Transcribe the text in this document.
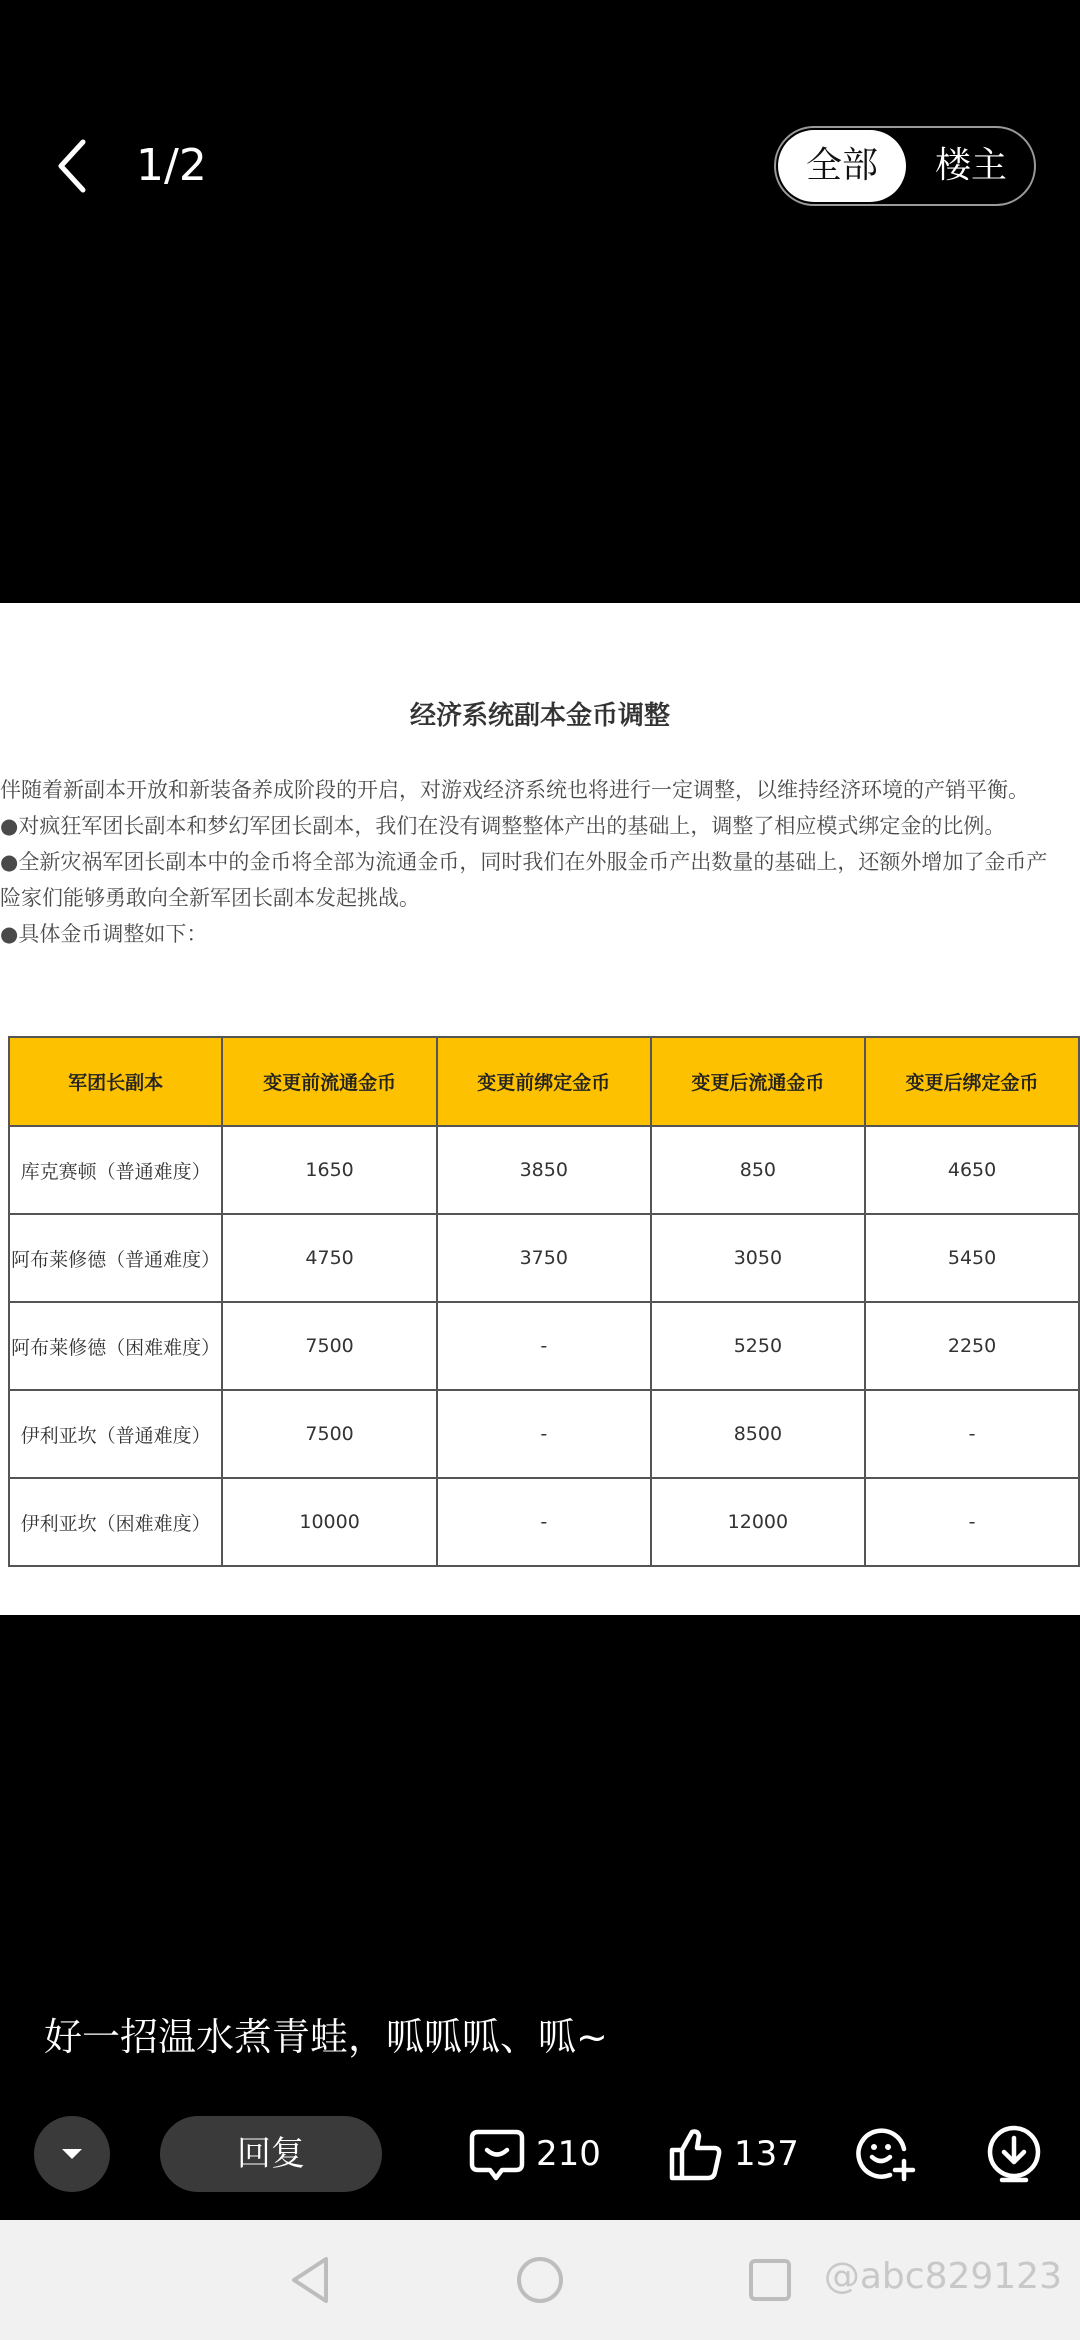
1/2	全部	楼主
经济系统副本金币调整
伴随着新副本开放和新装备养成阶段的开启，对游戏经济系统也将进行一定调整，以维持经济环境的产销平衡。
●对疯狂军团长副本和梦幻军团长副本，我们在没有调整整体产出的基础上，调整了相应模式绑定金的比例。
●全新灾祸军团长副本中的金币将全部为流通金币，同时我们在外服金币产出数量的基础上，还额外增加了金币产
险家们能够勇敢向全新军团长副本发起挑战。
●具体金币调整如下：
军团长副本	变更前流通金币	变更前绑定金币	变更后流通金币	变更后绑定金币
库克赛顿（普通难度）	1650	3850	850	4650
阿布莱修德（普通难度）	4750	3750	3050	5450
阿布莱修德（困难难度）	7500	-	5250	2250
伊利亚坎（普通难度）	7500	-	8500	-
伊利亚坎（困难难度）	10000	-	12000	-
好一招温水煮青蛙，呱呱呱、呱~
回复	210	137
@abc829123
